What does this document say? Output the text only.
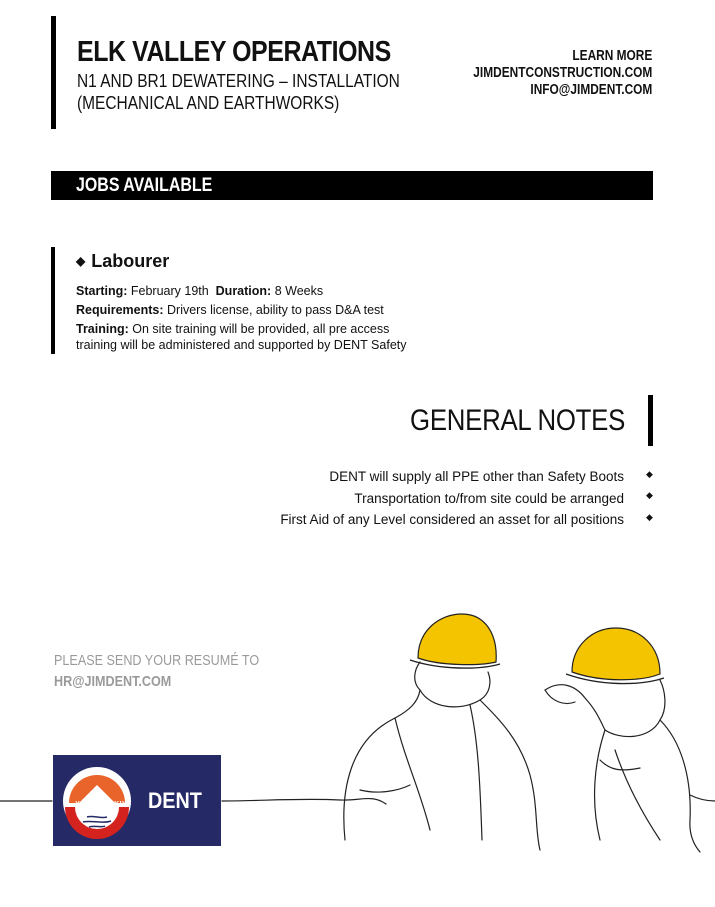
ELK VALLEY OPERATIONS
N1 AND BR1 DEWATERING – INSTALLATION
(MECHANICAL AND EARTHWORKS)
LEARN MORE
JIMDENTCONSTRUCTION.COM
INFO@JIMDENT.COM
JOBS AVAILABLE
◆ Labourer
Starting: February 19th Duration: 8 Weeks
Requirements: Drivers license, ability to pass D&A test
Training: On site training will be provided, all pre access
training will be administered and supported by DENT Safety
GENERAL NOTES
DENT will supply all PPE other than Safety Boots
Transportation to/from site could be arranged
First Aid of any Level considered an asset for all positions
◆
◆
◆
PLEASE SEND YOUR RESUMÉ TO
HR@JIMDENT.COM
YAQAN NUKIY DENT
